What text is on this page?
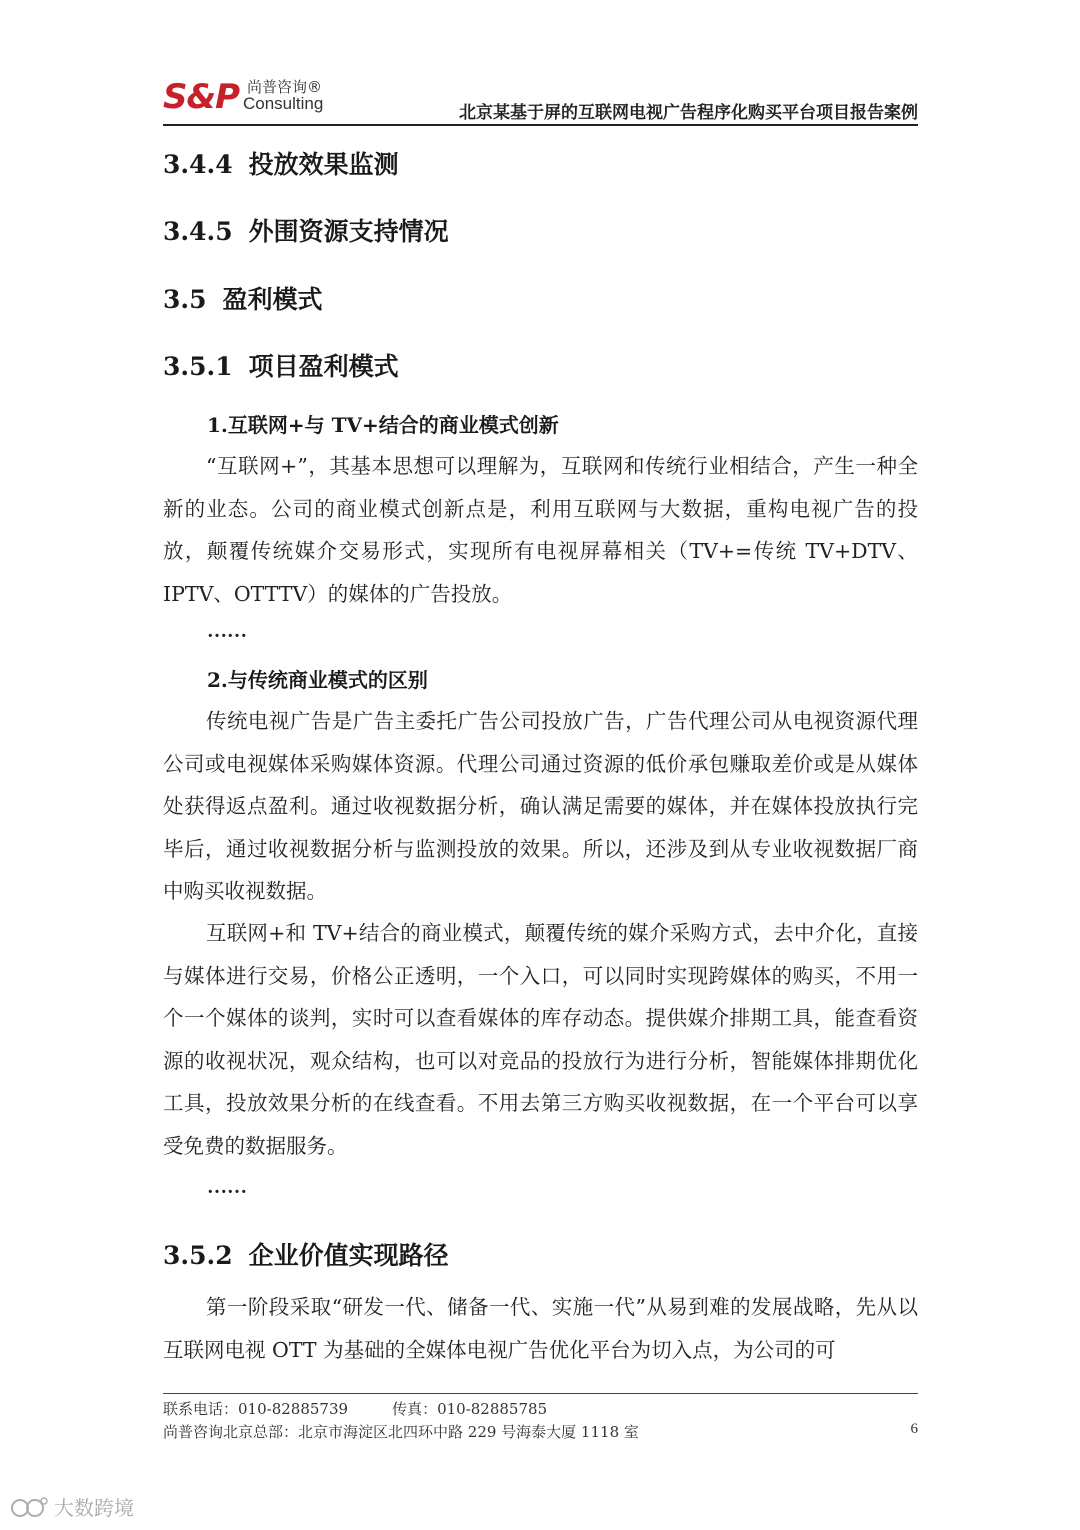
S&P 尚普咨询®
Consulting	北京某基于屏的互联网电视广告程序化购买平台项目报告案例
3.4.4 投放效果监测
3.4.5 外围资源支持情况
3.5 盈利模式
3.5.1 项目盈利模式
1.互联网+与 TV+结合的商业模式创新
“互联网+”，其基本思想可以理解为，互联网和传统行业相结合，产生一种全新的业态。公司的商业模式创新点是，利用互联网与大数据，重构电视广告的投放，颠覆传统媒介交易形式，实现所有电视屏幕相关（TV+=传统 TV+DTV、IPTV、OTTTV）的媒体的广告投放。
……
2.与传统商业模式的区别
传统电视广告是广告主委托广告公司投放广告，广告代理公司从电视资源代理公司或电视媒体采购媒体资源。代理公司通过资源的低价承包赚取差价或是从媒体处获得返点盈利。通过收视数据分析，确认满足需要的媒体，并在媒体投放执行完毕后，通过收视数据分析与监测投放的效果。所以，还涉及到从专业收视数据厂商中购买收视数据。
互联网+和 TV+结合的商业模式，颠覆传统的媒介采购方式，去中介化，直接与媒体进行交易，价格公正透明，一个入口，可以同时实现跨媒体的购买，不用一个一个媒体的谈判，实时可以查看媒体的库存动态。提供媒介排期工具，能查看资源的收视状况，观众结构，也可以对竞品的投放行为进行分析，智能媒体排期优化工具，投放效果分析的在线查看。不用去第三方购买收视数据，在一个平台可以享受免费的数据服务。
……
3.5.2 企业价值实现路径
第一阶段采取“研发一代、储备一代、实施一代”从易到难的发展战略，先从以互联网电视 OTT 为基础的全媒体电视广告优化平台为切入点，为公司的可
联系电话：010-82885739	传真：010-82885785
尚普咨询北京总部：北京市海淀区北四环中路 229 号海泰大厦 1118 室	6
大数跨境
